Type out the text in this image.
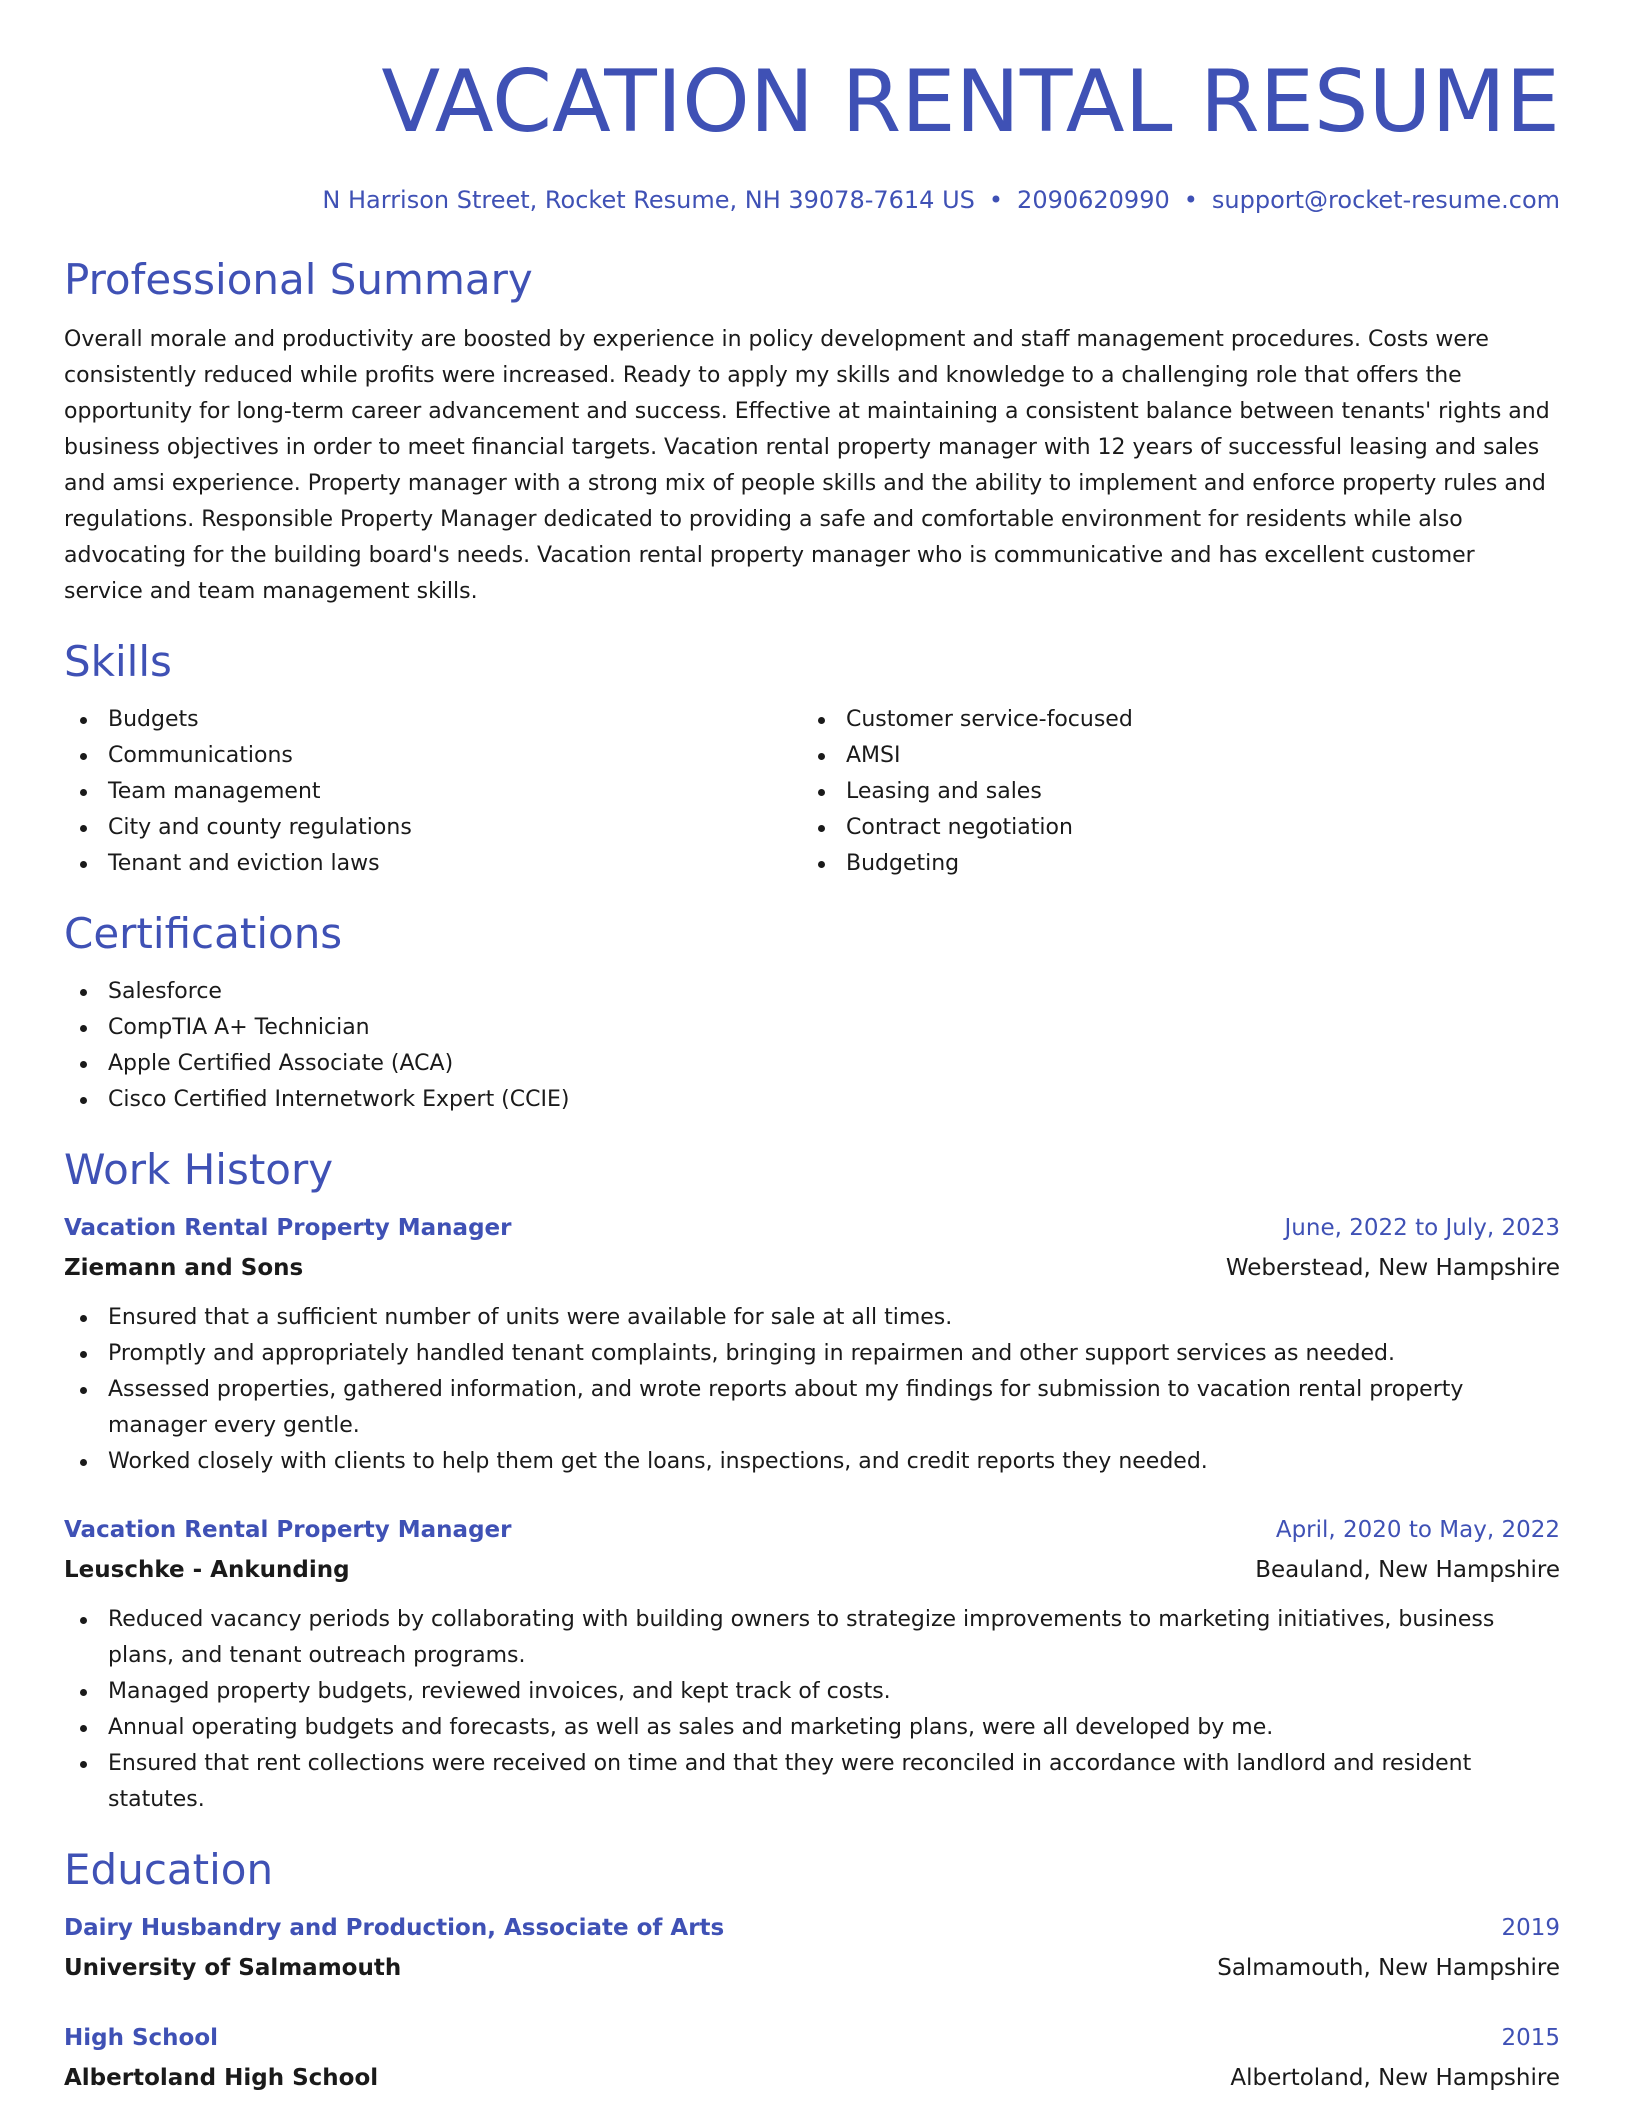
VACATION RENTAL RESUME
N Harrison Street, Rocket Resume, NH 39078-7614 US • 2090620990 • support@rocket-resume.com
Professional Summary
Overall morale and productivity are boosted by experience in policy development and staff management procedures. Costs were consistently reduced while profits were increased. Ready to apply my skills and knowledge to a challenging role that offers the opportunity for long-term career advancement and success. Effective at maintaining a consistent balance between tenants' rights and business objectives in order to meet financial targets. Vacation rental property manager with 12 years of successful leasing and sales and amsi experience. Property manager with a strong mix of people skills and the ability to implement and enforce property rules and regulations. Responsible Property Manager dedicated to providing a safe and comfortable environment for residents while also advocating for the building board's needs. Vacation rental property manager who is communicative and has excellent customer service and team management skills.
Skills
Budgets
Communications
Team management
City and county regulations
Tenant and eviction laws
Customer service-focused
AMSI
Leasing and sales
Contract negotiation
Budgeting
Certifications
Salesforce
CompTIA A+ Technician
Apple Certified Associate (ACA)
Cisco Certified Internetwork Expert (CCIE)
Work History
Vacation Rental Property Manager	June, 2022 to July, 2023
Ziemann and Sons	Weberstead, New Hampshire
Ensured that a sufficient number of units were available for sale at all times.
Promptly and appropriately handled tenant complaints, bringing in repairmen and other support services as needed.
Assessed properties, gathered information, and wrote reports about my findings for submission to vacation rental property manager every gentle.
Worked closely with clients to help them get the loans, inspections, and credit reports they needed.
Vacation Rental Property Manager	April, 2020 to May, 2022
Leuschke - Ankunding	Beauland, New Hampshire
Reduced vacancy periods by collaborating with building owners to strategize improvements to marketing initiatives, business plans, and tenant outreach programs.
Managed property budgets, reviewed invoices, and kept track of costs.
Annual operating budgets and forecasts, as well as sales and marketing plans, were all developed by me.
Ensured that rent collections were received on time and that they were reconciled in accordance with landlord and resident statutes.
Education
Dairy Husbandry and Production, Associate of Arts	2019
University of Salmamouth	Salmamouth, New Hampshire
High School	2015
Albertoland High School	Albertoland, New Hampshire
